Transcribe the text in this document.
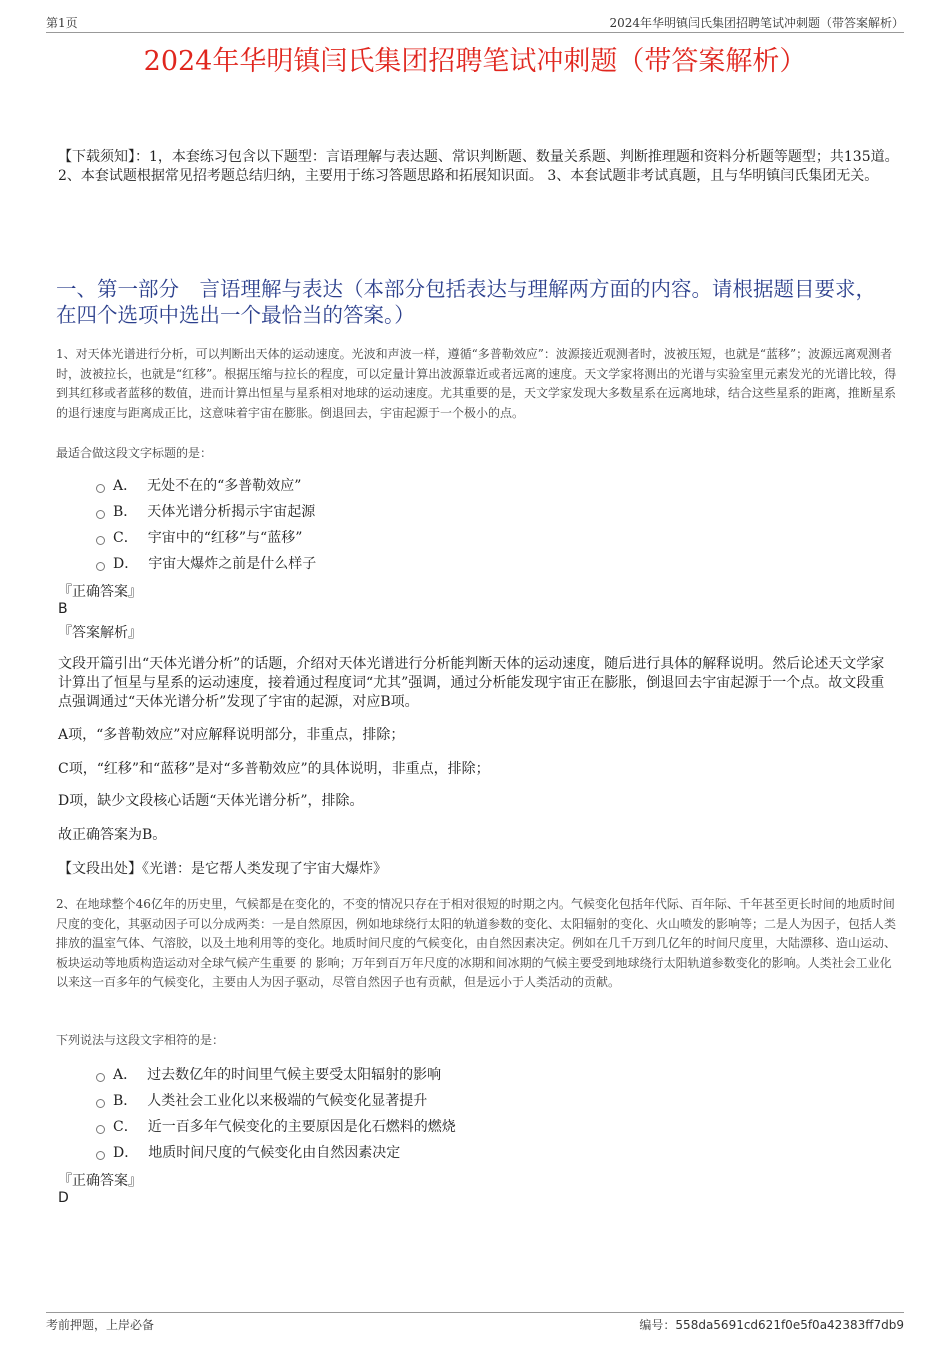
第1页	2024年华明镇闫氏集团招聘笔试冲刺题（带答案解析）
2024年华明镇闫氏集团招聘笔试冲刺题（带答案解析）

【下载须知】：1，本套练习包含以下题型：言语理解与表达题、常识判断题、数量关系题、判断推理题和资料分析题等题型；共135道。 2、本套试题根据常见招考题总结归纳，主要用于练习答题思路和拓展知识面。 3、本套试题非考试真题，且与华明镇闫氏集团无关。

一、第一部分　言语理解与表达（本部分包括表达与理解两方面的内容。请根据题目要求，在四个选项中选出一个最恰当的答案。）

1、对天体光谱进行分析，可以判断出天体的运动速度。光波和声波一样，遵循“多普勒效应”：波源接近观测者时，波被压短，也就是“蓝移”；波源远离观测者时，波被拉长，也就是“红移”。根据压缩与拉长的程度，可以定量计算出波源靠近或者远离的速度。天文学家将测出的光谱与实验室里元素发光的光谱比较，得到其红移或者蓝移的数值，进而计算出恒星与星系相对地球的运动速度。尤其重要的是，天文学家发现大多数星系在远离地球，结合这些星系的距离，推断星系的退行速度与距离成正比，这意味着宇宙在膨胀。倒退回去，宇宙起源于一个极小的点。

最适合做这段文字标题的是：

A． 无处不在的“多普勒效应”
B． 天体光谱分析揭示宇宙起源
C． 宇宙中的“红移”与“蓝移”
D． 宇宙大爆炸之前是什么样子

『正确答案』

B

『答案解析』

文段开篇引出“天体光谱分析”的话题，介绍对天体光谱进行分析能判断天体的运动速度，随后进行具体的解释说明。然后论述天文学家计算出了恒星与星系的运动速度，接着通过程度词“尤其”强调，通过分析能发现宇宙正在膨胀，倒退回去宇宙起源于一个点。故文段重点强调通过“天体光谱分析”发现了宇宙的起源，对应B项。

A项，“多普勒效应”对应解释说明部分，非重点，排除；

C项，“红移”和“蓝移”是对“多普勒效应”的具体说明，非重点，排除；

D项，缺少文段核心话题“天体光谱分析”，排除。

故正确答案为B。

【文段出处】《光谱：是它帮人类发现了宇宙大爆炸》

2、在地球整个46亿年的历史里，气候都是在变化的，不变的情况只存在于相对很短的时期之内。气候变化包括年代际、百年际、千年甚至更长时间的地质时间尺度的变化，其驱动因子可以分成两类：一是自然原因，例如地球绕行太阳的轨道参数的变化、太阳辐射的变化、火山喷发的影响等；二是人为因子，包括人类排放的温室气体、气溶胶，以及土地利用等的变化。地质时间尺度的气候变化，由自然因素决定。例如在几千万到几亿年的时间尺度里，大陆漂移、造山运动、板块运动等地质构造运动对全球气候产生重要 的 影响；万年到百万年尺度的冰期和间冰期的气候主要受到地球绕行太阳轨道参数变化的影响。人类社会工业化以来这一百多年的气候变化，主要由人为因子驱动，尽管自然因子也有贡献，但是远小于人类活动的贡献。

下列说法与这段文字相符的是：

A． 过去数亿年的时间里气候主要受太阳辐射的影响
B． 人类社会工业化以来极端的气候变化显著提升
C． 近一百多年气候变化的主要原因是化石燃料的燃烧
D． 地质时间尺度的气候变化由自然因素决定

『正确答案』

D

考前押题，上岸必备	编号：558da5691cd621f0e5f0a42383ff7db9
